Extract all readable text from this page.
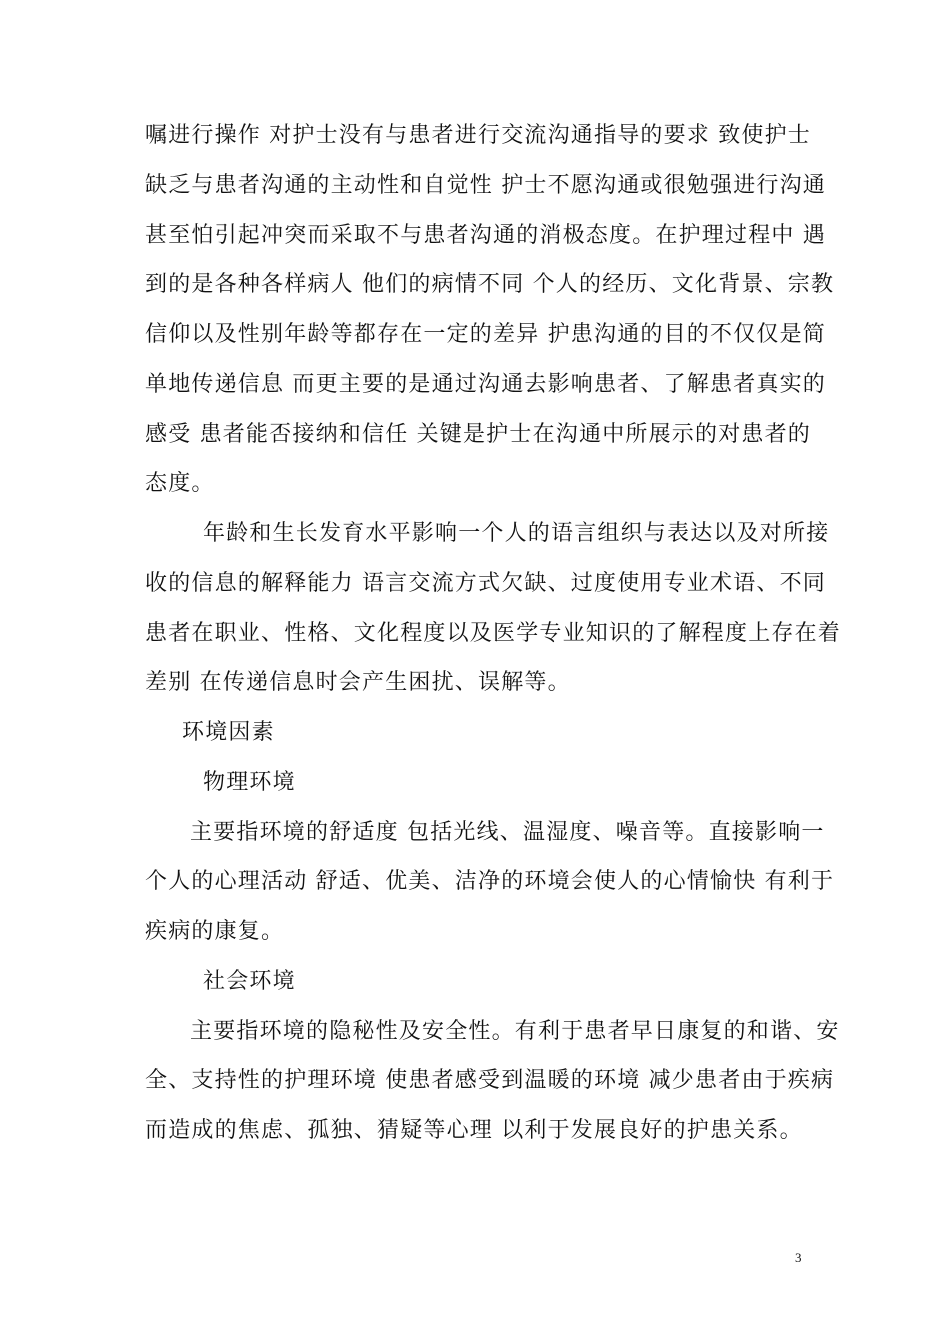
嘱进行操作 对护士没有与患者进行交流沟通指导的要求 致使护士
缺乏与患者沟通的主动性和自觉性 护士不愿沟通或很勉强进行沟通
甚至怕引起冲突而采取不与患者沟通的消极态度。在护理过程中 遇
到的是各种各样病人 他们的病情不同 个人的经历、文化背景、宗教
信仰以及性别年龄等都存在一定的差异 护患沟通的目的不仅仅是简
单地传递信息 而更主要的是通过沟通去影响患者、了解患者真实的
感受 患者能否接纳和信任 关键是护士在沟通中所展示的对患者的
态度。
年龄和生长发育水平影响一个人的语言组织与表达以及对所接
收的信息的解释能力 语言交流方式欠缺、过度使用专业术语、不同
患者在职业、性格、文化程度以及医学专业知识的了解程度上存在着
差别 在传递信息时会产生困扰、误解等。
环境因素
物理环境
主要指环境的舒适度 包括光线、温湿度、噪音等。直接影响一
个人的心理活动 舒适、优美、洁净的环境会使人的心情愉快 有利于
疾病的康复。
社会环境
主要指环境的隐秘性及安全性。有利于患者早日康复的和谐、安
全、支持性的护理环境 使患者感受到温暖的环境 减少患者由于疾病
而造成的焦虑、孤独、猜疑等心理 以利于发展良好的护患关系。
3
